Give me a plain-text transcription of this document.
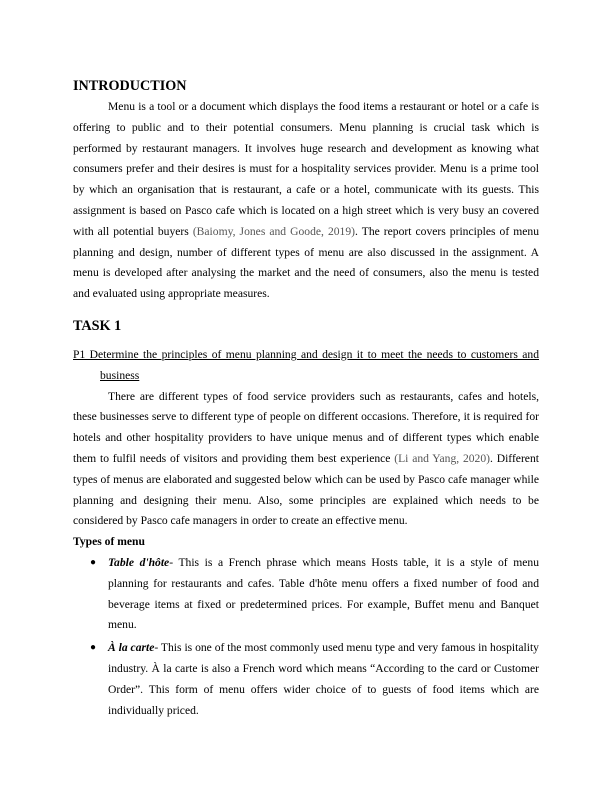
INTRODUCTION

Menu is a tool or a document which displays the food items a restaurant or hotel or a cafe is offering to public and to their potential consumers. Menu planning is crucial task which is performed by restaurant managers. It involves huge research and development as knowing what consumers prefer and their desires is must for a hospitality services provider. Menu is a prime tool by which an organisation that is restaurant, a cafe or a hotel, communicate with its guests. This assignment is based on Pasco cafe which is located on a high street which is very busy an covered with all potential buyers (Baiomy, Jones and Goode, 2019). The report covers principles of menu planning and design, number of different types of menu are also discussed in the assignment. A menu is developed after analysing the market and the need of consumers, also the menu is tested and evaluated using appropriate measures.

TASK 1

P1 Determine the principles of menu planning and design it to meet the needs to customers and business

There are different types of food service providers such as restaurants, cafes and hotels, these businesses serve to different type of people on different occasions. Therefore, it is required for hotels and other hospitality providers to have unique menus and of different types which enable them to fulfil needs of visitors and providing them best experience (Li and Yang, 2020). Different types of menus are elaborated and suggested below which can be used by Pasco cafe manager while planning and designing their menu. Also, some principles are explained which needs to be considered by Pasco cafe managers in order to create an effective menu.

Types of menu

● Table d'hôte- This is a French phrase which means Hosts table, it is a style of menu planning for restaurants and cafes. Table d'hôte menu offers a fixed number of food and beverage items at fixed or predetermined prices. For example, Buffet menu and Banquet menu.
● À la carte- This is one of the most commonly used menu type and very famous in hospitality industry. À la carte is also a French word which means “According to the card or Customer Order”. This form of menu offers wider choice of to guests of food items which are individually priced.
